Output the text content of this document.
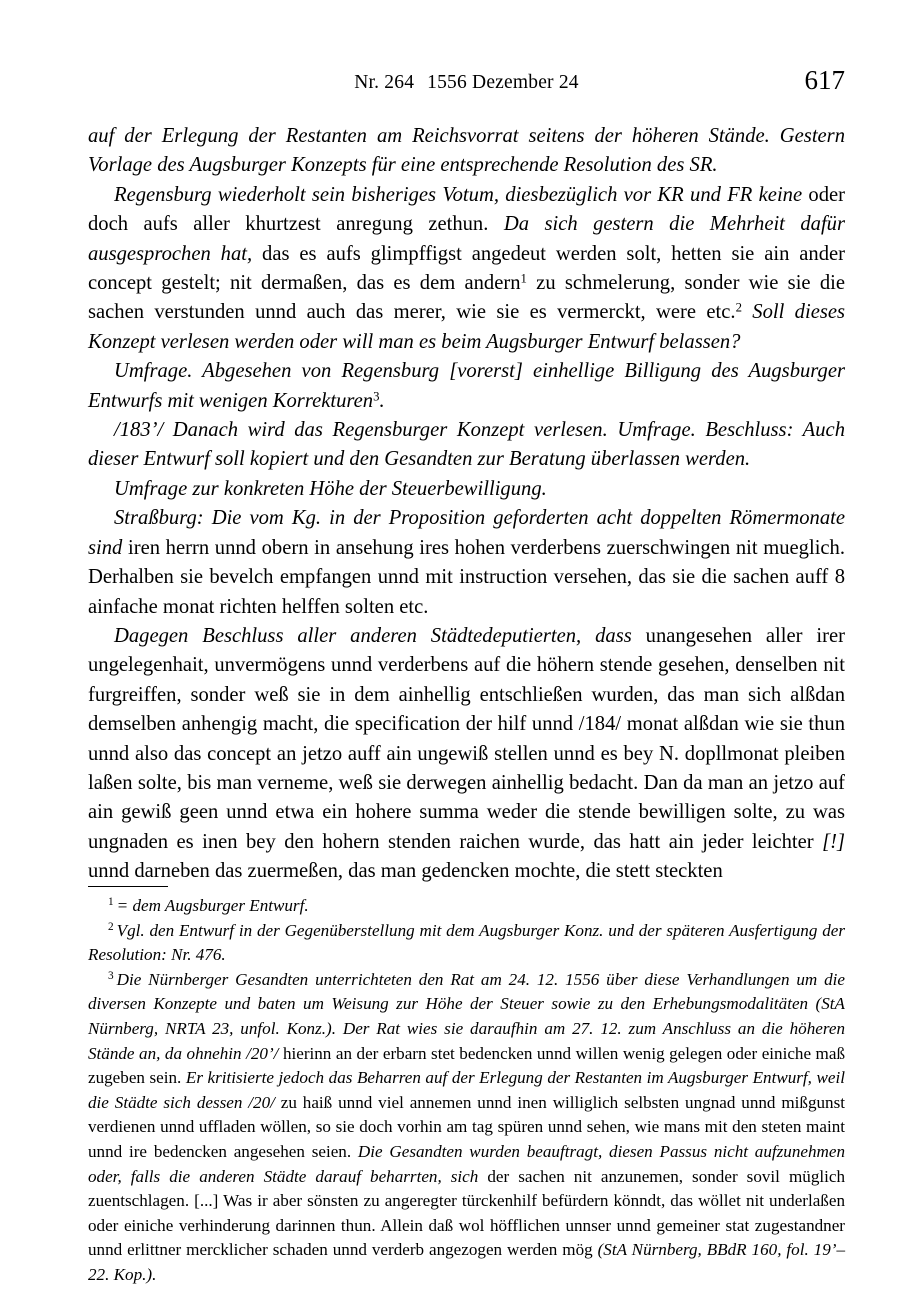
Nr. 264 1556 Dezember 24	617

auf der Erlegung der Restanten am Reichsvorrat seitens der höheren Stände. Gestern Vorlage des Augsburger Konzepts für eine entsprechende Resolution des SR.

Regensburg wiederholt sein bisheriges Votum, diesbezüglich vor KR und FR keine oder doch aufs aller khurtzest anregung zethun. Da sich gestern die Mehrheit dafür ausgesprochen hat, das es aufs glimpffigst angedeut werden solt, hetten sie ain ander concept gestelt; nit dermaßen, das es dem andern$^1$ zu schmelerung, sonder wie sie die sachen verstunden unnd auch das merer, wie sie es vermerckt, were etc.$^2$ Soll dieses Konzept verlesen werden oder will man es beim Augsburger Entwurf belassen?

Umfrage. Abgesehen von Regensburg [vorerst] einhellige Billigung des Augsburger Entwurfs mit wenigen Korrekturen$^3$.

/183’/ Danach wird das Regensburger Konzept verlesen. Umfrage. Beschluss: Auch dieser Entwurf soll kopiert und den Gesandten zur Beratung überlassen werden.

Umfrage zur konkreten Höhe der Steuerbewilligung.

Straßburg: Die vom Kg. in der Proposition geforderten acht doppelten Römermonate sind iren herrn unnd obern in ansehung ires hohen verderbens zuerschwingen nit mueglich. Derhalben sie bevelch empfangen unnd mit instruction versehen, das sie die sachen auff 8 ainfache monat richten helffen solten etc.

Dagegen Beschluss aller anderen Städtedeputierten, dass unangesehen aller irer ungelegenhait, unvermögens unnd verderbens auf die höhern stende gesehen, denselben nit furgreiffen, sonder weß sie in dem ainhellig entschließen wurden, das man sich alßdan demselben anhengig macht, die specification der hilf unnd /184/ monat alßdan wie sie thun unnd also das concept an jetzo auff ain ungewiß stellen unnd es bey N. dopllmonat pleiben laßen solte, bis man verneme, weß sie derwegen ainhellig bedacht. Dan da man an jetzo auf ain gewiß geen unnd etwa ein hohere summa weder die stende bewilligen solte, zu was ungnaden es inen bey den hohern stenden raichen wurde, das hatt ain jeder leichter [!] unnd darneben das zuermeßen, das man gedencken mochte, die stett steckten

$^1$ = dem Augsburger Entwurf.

$^2$ Vgl. den Entwurf in der Gegenüberstellung mit dem Augsburger Konz. und der späteren Ausfertigung der Resolution: Nr. 476.

$^3$ Die Nürnberger Gesandten unterrichteten den Rat am 24. 12. 1556 über diese Verhandlungen um die diversen Konzepte und baten um Weisung zur Höhe der Steuer sowie zu den Erhebungsmodalitäten (StA Nürnberg, NRTA 23, unfol. Konz.). Der Rat wies sie daraufhin am 27. 12. zum Anschluss an die höheren Stände an, da ohnehin /20’/ hierinn an der erbarn stet bedencken unnd willen wenig gelegen oder einiche maß zugeben sein. Er kritisierte jedoch das Beharren auf der Erlegung der Restanten im Augsburger Entwurf, weil die Städte sich dessen /20/ zu haiß unnd viel annemen unnd inen williglich selbsten ungnad unnd mißgunst verdienen unnd uffladen wöllen, so sie doch vorhin am tag spüren unnd sehen, wie mans mit den steten maint unnd ire bedencken angesehen seien. Die Gesandten wurden beauftragt, diesen Passus nicht aufzunehmen oder, falls die anderen Städte darauf beharrten, sich der sachen nit anzunemen, sonder sovil müglich zuentschlagen. [...] Was ir aber sönsten zu angeregter türckenhilf befürdern könndt, das wöllet nit underlaßen oder einiche verhinderung darinnen thun. Allein daß wol höfflichen unnser unnd gemeiner stat zugestandner unnd erlittner mercklicher schaden unnd verderb angezogen werden mög (StA Nürnberg, BBdR 160, fol. 19’–22. Kop.).
